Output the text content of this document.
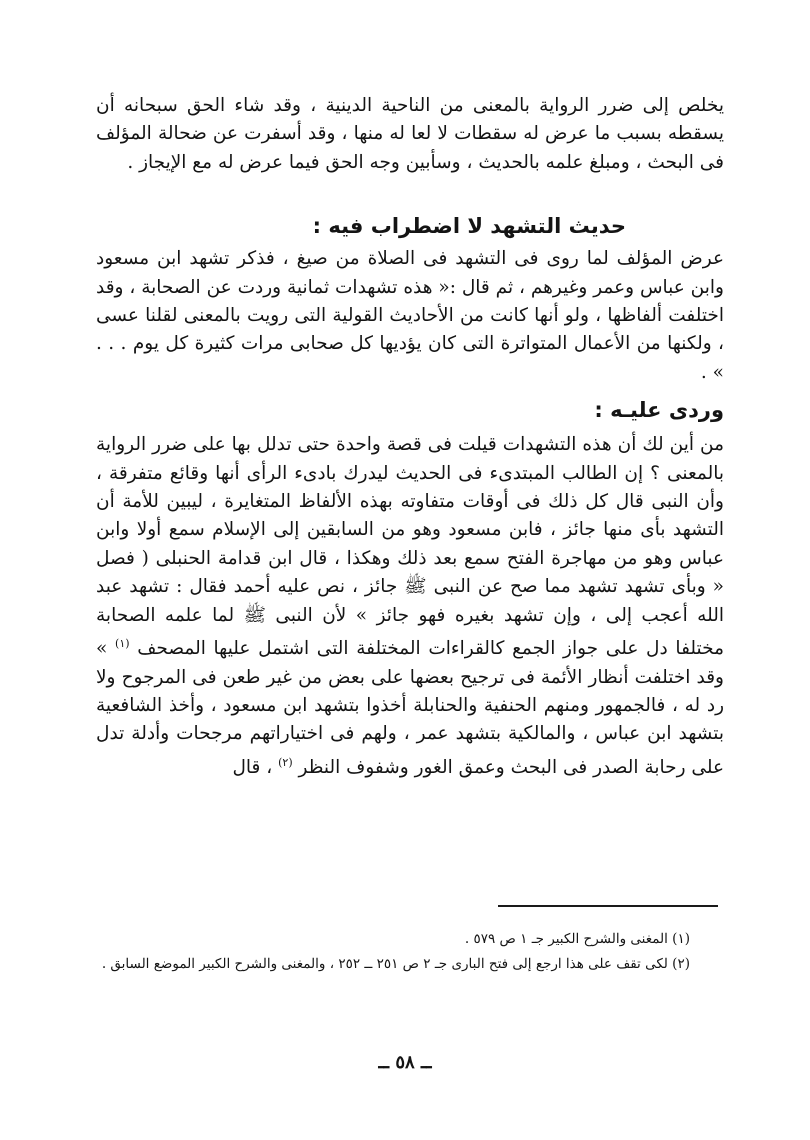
يخلص إلى ضرر الرواية بالمعنى من الناحية الدينية ، وقد شاء الحق سبحانه أن يسقطه بسبب ما عرض له سقطات لا لعا له منها ، وقد أسفرت عن ضحالة المؤلف فى البحث ، ومبلغ علمه بالحديث ، وسأبين وجه الحق فيما عرض له مع الإيجاز .

حديث التشهد لا اضطراب فيه :

عرض المؤلف لما روى فى التشهد فى الصلاة من صيغ ، فذكر تشهد ابن مسعود وابن عباس وعمر وغيرهم ، ثم قال :« هذه تشهدات ثمانية وردت عن الصحابة ، وقد اختلفت ألفاظها ، ولو أنها كانت من الأحاديث القولية التى رويت بالمعنى لقلنا عسى ، ولكنها من الأعمال المتواترة التى كان يؤديها كل صحابى مرات كثيرة كل يوم . . . » .

وردى عليـه :

من أين لك أن هذه التشهدات قيلت فى قصة واحدة حتى تدلل بها على ضرر الرواية بالمعنى ؟ إن الطالب المبتدىء فى الحديث ليدرك بادىء الرأى أنها وقائع متفرقة ، وأن النبى قال كل ذلك فى أوقات متفاوته بهذه الألفاظ المتغايرة ، ليبين للأمة أن التشهد بأى منها جائز ، فابن مسعود وهو من السابقين إلى الإسلام سمع أولا وابن عباس وهو من مهاجرة الفتح سمع بعد ذلك وهكذا ، قال ابن قدامة الحنبلى ( فصل « وبأى تشهد تشهد مما صح عن النبى ﷺ جائز ، نص عليه أحمد فقال : تشهد عبد الله أعجب إلى ، وإن تشهد بغيره فهو جائز » لأن النبى ﷺ لما علمه الصحابة مختلفا دل على جواز الجمع كالقراءات المختلفة التى اشتمل عليها المصحف $^{(١)}$ » وقد اختلفت أنظار الأئمة فى ترجيح بعضها على بعض من غير طعن فى المرجوح ولا رد له ، فالجمهور ومنهم الحنفية والحنابلة أخذوا بتشهد ابن مسعود ، وأخذ الشافعية بتشهد ابن عباس ، والمالكية بتشهد عمر ، ولهم فى اختياراتهم مرجحات وأدلة تدل على رحابة الصدر فى البحث وعمق الغور وشفوف النظر $^{(٢)}$ ، قال

(١) المغنى والشرح الكبير جـ ١ ص ٥٧٩ .

(٢) لكى تقف على هذا ارجع إلى فتح البارى جـ ٢ ص ٢٥١ ــ ٢٥٢ ، والمغنى والشرح الكبير الموضع السابق .

ــ ٥٨ ــ
